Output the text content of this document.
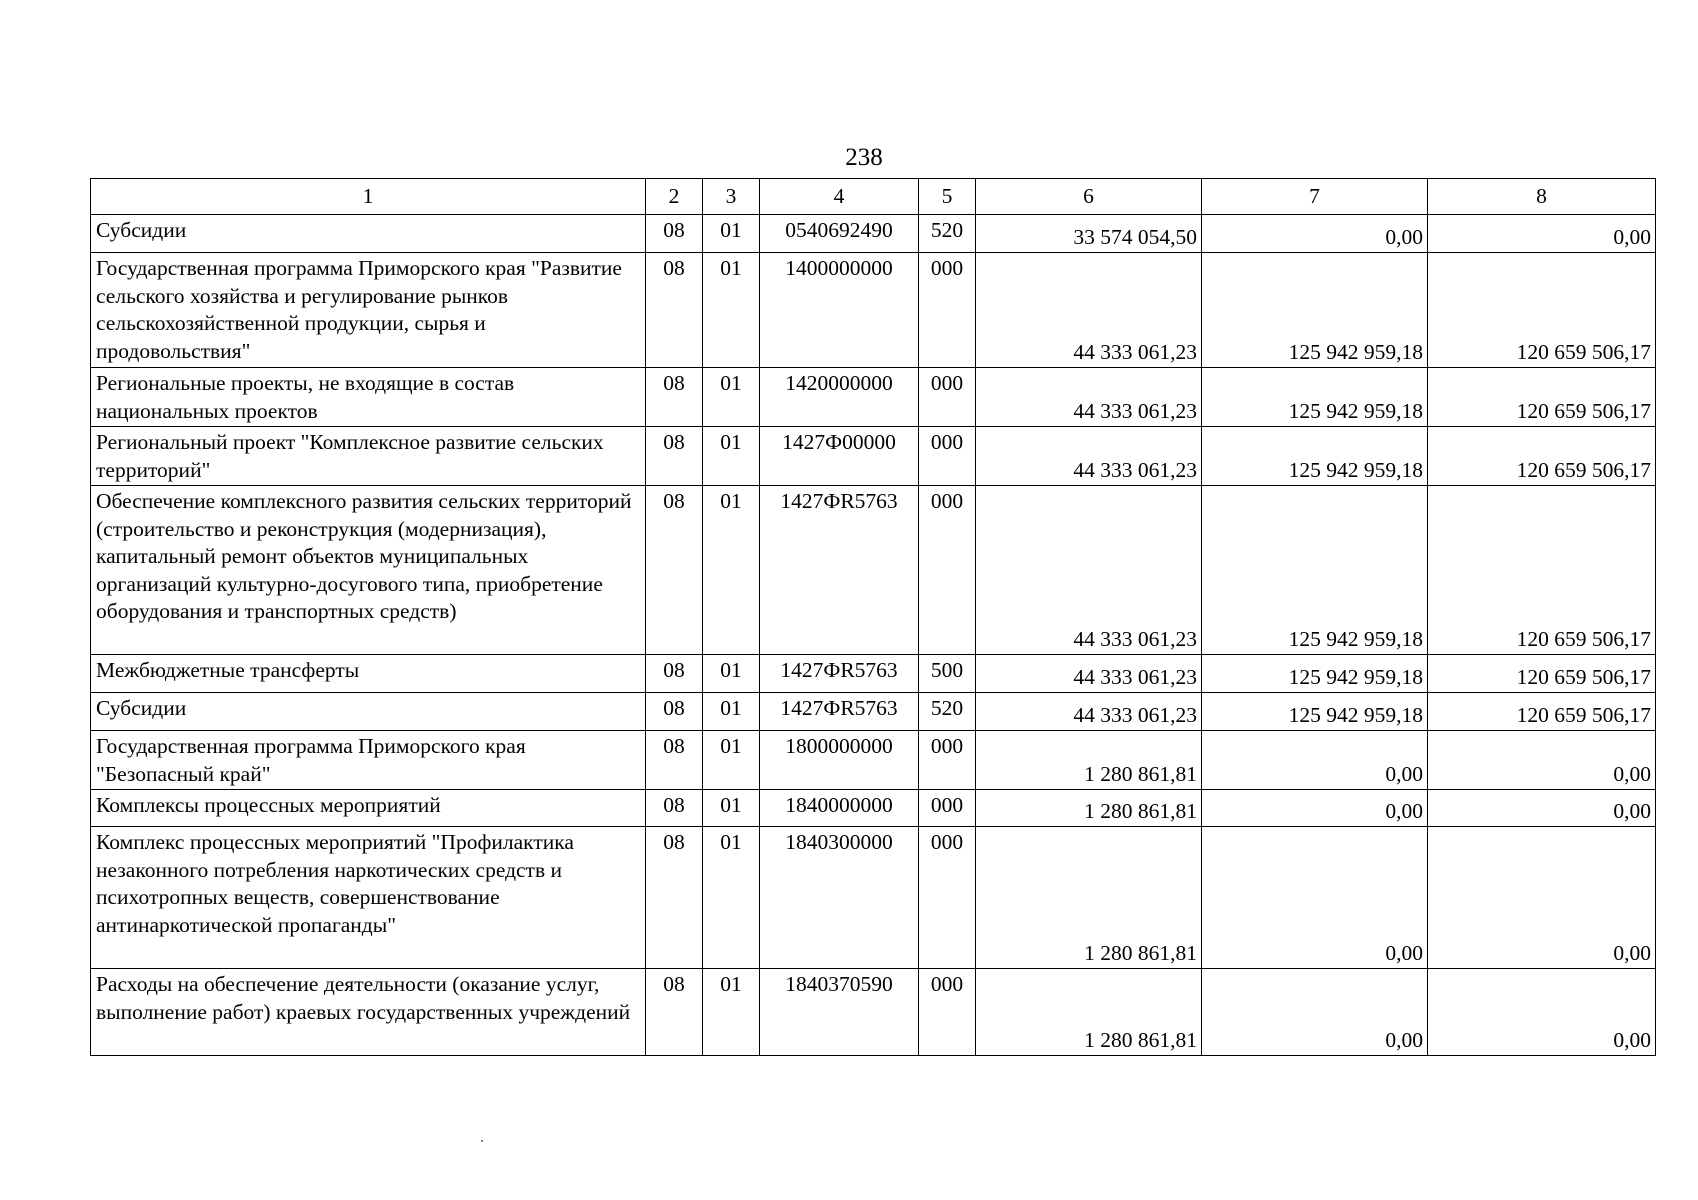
238
1	2	3	4	5	6	7	8
Субсидии	08	01	0540692490	520	33 574 054,50	0,00	0,00
Государственная программа Приморского края "Развитие сельского хозяйства и регулирование рынков сельскохозяйственной продукции, сырья и продовольствия"	08	01	1400000000	000	44 333 061,23	125 942 959,18	120 659 506,17
Региональные проекты, не входящие в состав национальных проектов	08	01	1420000000	000	44 333 061,23	125 942 959,18	120 659 506,17
Региональный проект "Комплексное развитие сельских территорий"	08	01	1427Ф00000	000	44 333 061,23	125 942 959,18	120 659 506,17
Обеспечение комплексного развития сельских территорий (строительство и реконструкция (модернизация), капитальный ремонт объектов муниципальных организаций культурно-досугового типа, приобретение оборудования и транспортных средств)	08	01	1427ФR5763	000	44 333 061,23	125 942 959,18	120 659 506,17
Межбюджетные трансферты	08	01	1427ФR5763	500	44 333 061,23	125 942 959,18	120 659 506,17
Субсидии	08	01	1427ФR5763	520	44 333 061,23	125 942 959,18	120 659 506,17
Государственная программа Приморского края "Безопасный край"	08	01	1800000000	000	1 280 861,81	0,00	0,00
Комплексы процессных мероприятий	08	01	1840000000	000	1 280 861,81	0,00	0,00
Комплекс процессных мероприятий "Профилактика незаконного потребления наркотических средств и психотропных веществ, совершенствование антинаркотической пропаганды"	08	01	1840300000	000	1 280 861,81	0,00	0,00
Расходы на обеспечение деятельности (оказание услуг, выполнение работ) краевых государственных учреждений	08	01	1840370590	000	1 280 861,81	0,00	0,00
